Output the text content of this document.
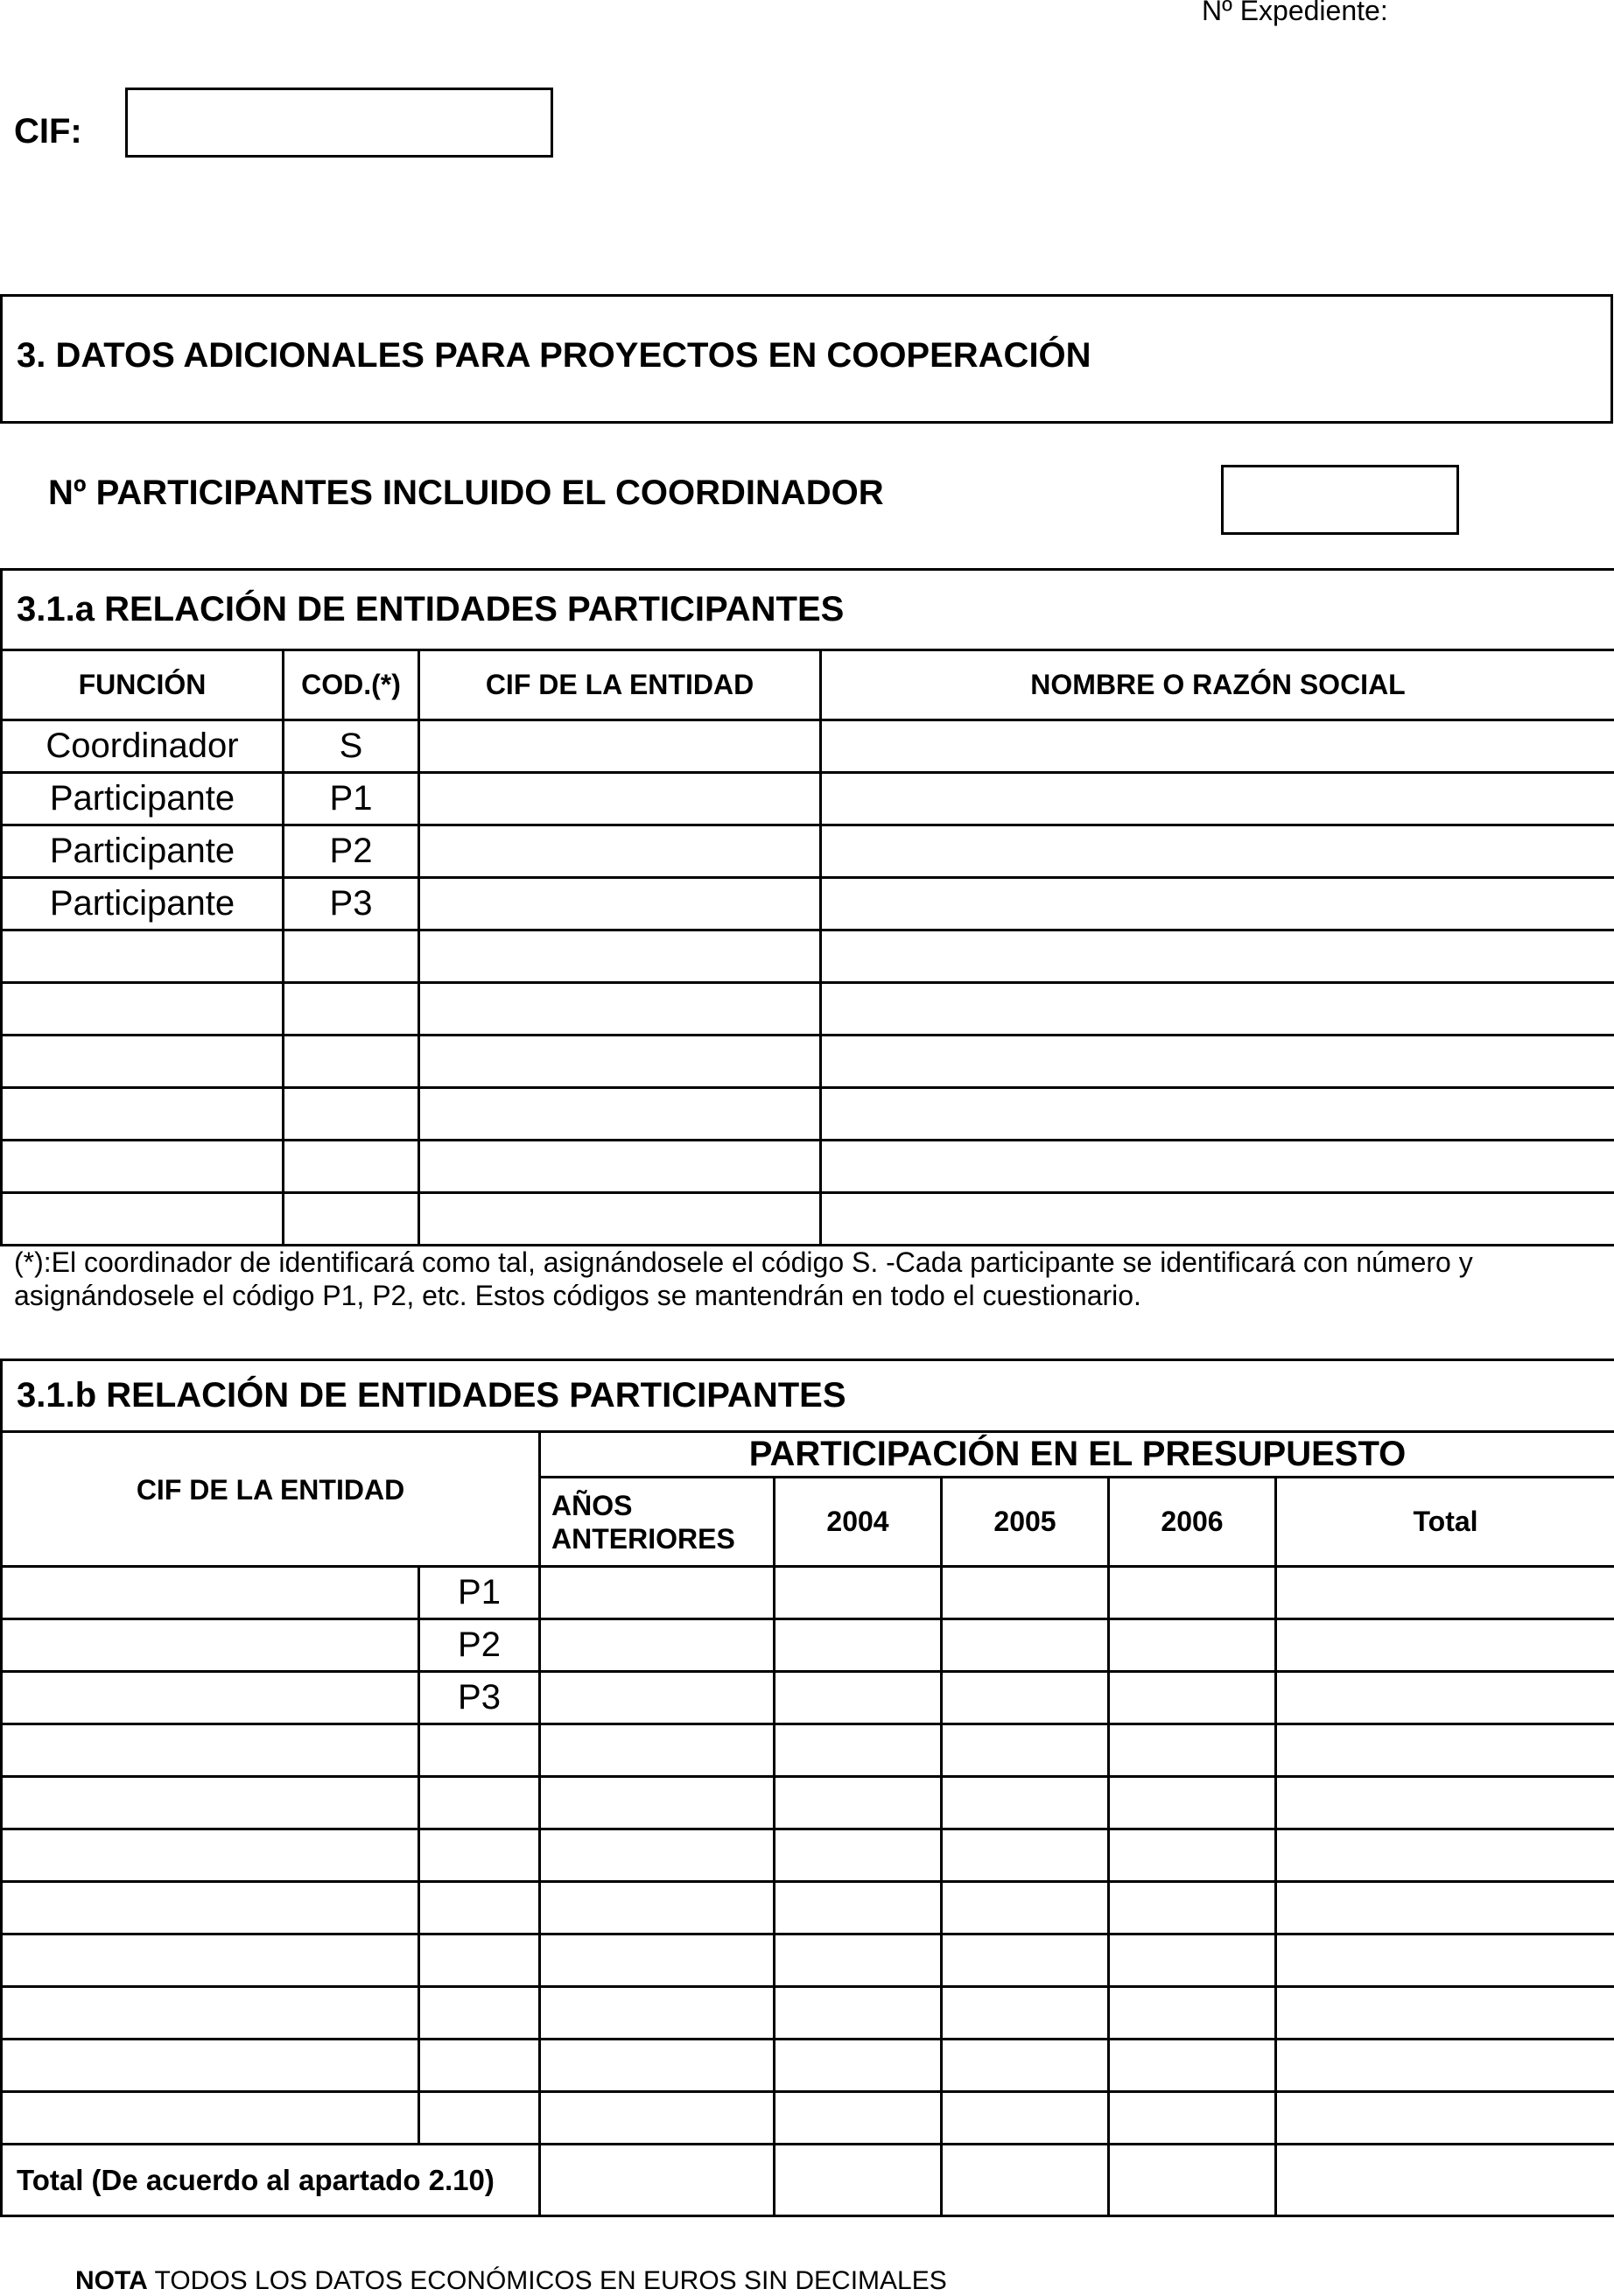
Nº Expediente:
CIF:
3. DATOS ADICIONALES PARA PROYECTOS EN COOPERACIÓN
Nº PARTICIPANTES INCLUIDO EL COORDINADOR
3.1.a RELACIÓN DE ENTIDADES PARTICIPANTES			
FUNCIÓN	COD.(*)	CIF DE LA ENTIDAD	NOMBRE O RAZÓN SOCIAL
Coordinador	S		
Participante	P1		
Participante	P2		
Participante	P3		

(*):El coordinador de identificará como tal, asignándosele el código S. -Cada participante se identificará con número y asignándosele el código P1, P2, etc. Estos códigos se mantendrán en todo el cuestionario.
3.1.b RELACIÓN DE ENTIDADES PARTICIPANTES						
CIF DE LA ENTIDAD		PARTICIPACIÓN EN EL PRESUPUESTO				
		AÑOS ANTERIORES	2004	2005	2006	Total
	P1					
	P2					
	P3					

Total (De acuerdo al apartado 2.10)						
NOTA TODOS LOS DATOS ECONÓMICOS EN EUROS SIN DECIMALES
